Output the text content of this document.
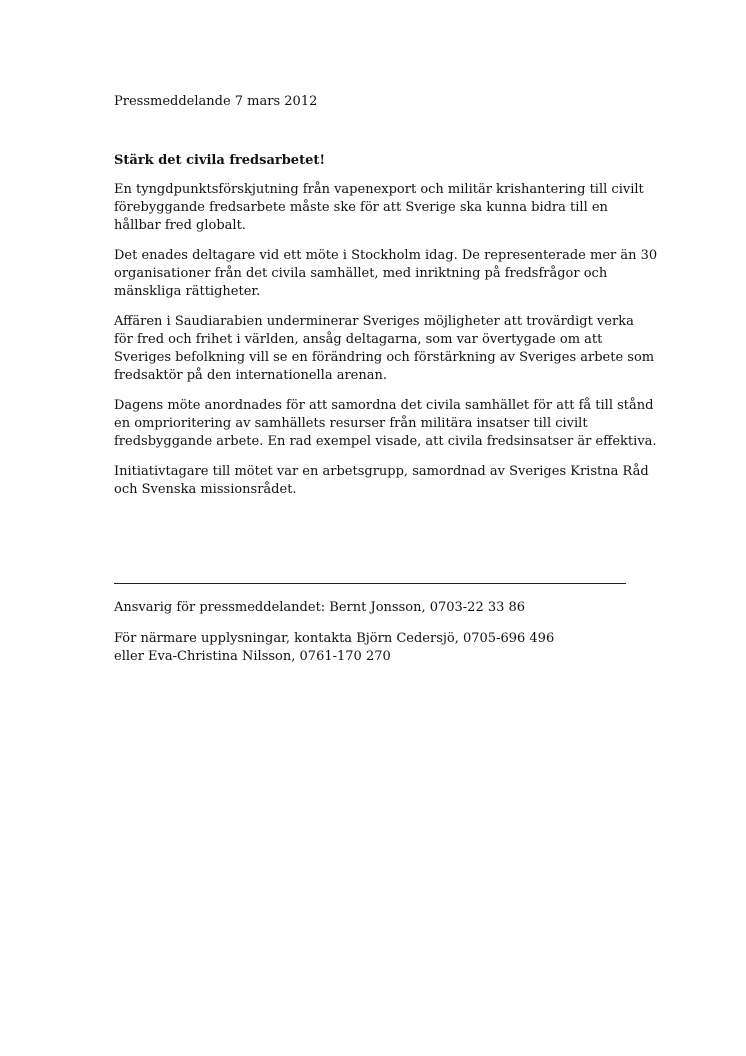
Pressmeddelande 7 mars 2012
Stärk det civila fredsarbetet!
En tyngdpunktsförskjutning från vapenexport och militär krishantering till civilt
förebyggande fredsarbete måste ske för att Sverige ska kunna bidra till en
hållbar fred globalt.
Det enades deltagare vid ett möte i Stockholm idag. De representerade mer än 30
organisationer från det civila samhället, med inriktning på fredsfrågor och
mänskliga rättigheter.
Affären i Saudiarabien underminerar Sveriges möjligheter att trovärdigt verka
för fred och frihet i världen, ansåg deltagarna, som var övertygade om att
Sveriges befolkning vill se en förändring och förstärkning av Sveriges arbete som
fredsaktör på den internationella arenan.
Dagens möte anordnades för att samordna det civila samhället för att få till stånd
en omprioritering av samhällets resurser från militära insatser till civilt
fredsbyggande arbete. En rad exempel visade, att civila fredsinsatser är effektiva.
Initiativtagare till mötet var en arbetsgrupp, samordnad av Sveriges Kristna Råd
och Svenska missionsrådet.
Ansvarig för pressmeddelandet: Bernt Jonsson, 0703-22 33 86
För närmare upplysningar, kontakta Björn Cedersjö, 0705-696 496
eller Eva-Christina Nilsson, 0761-170 270
